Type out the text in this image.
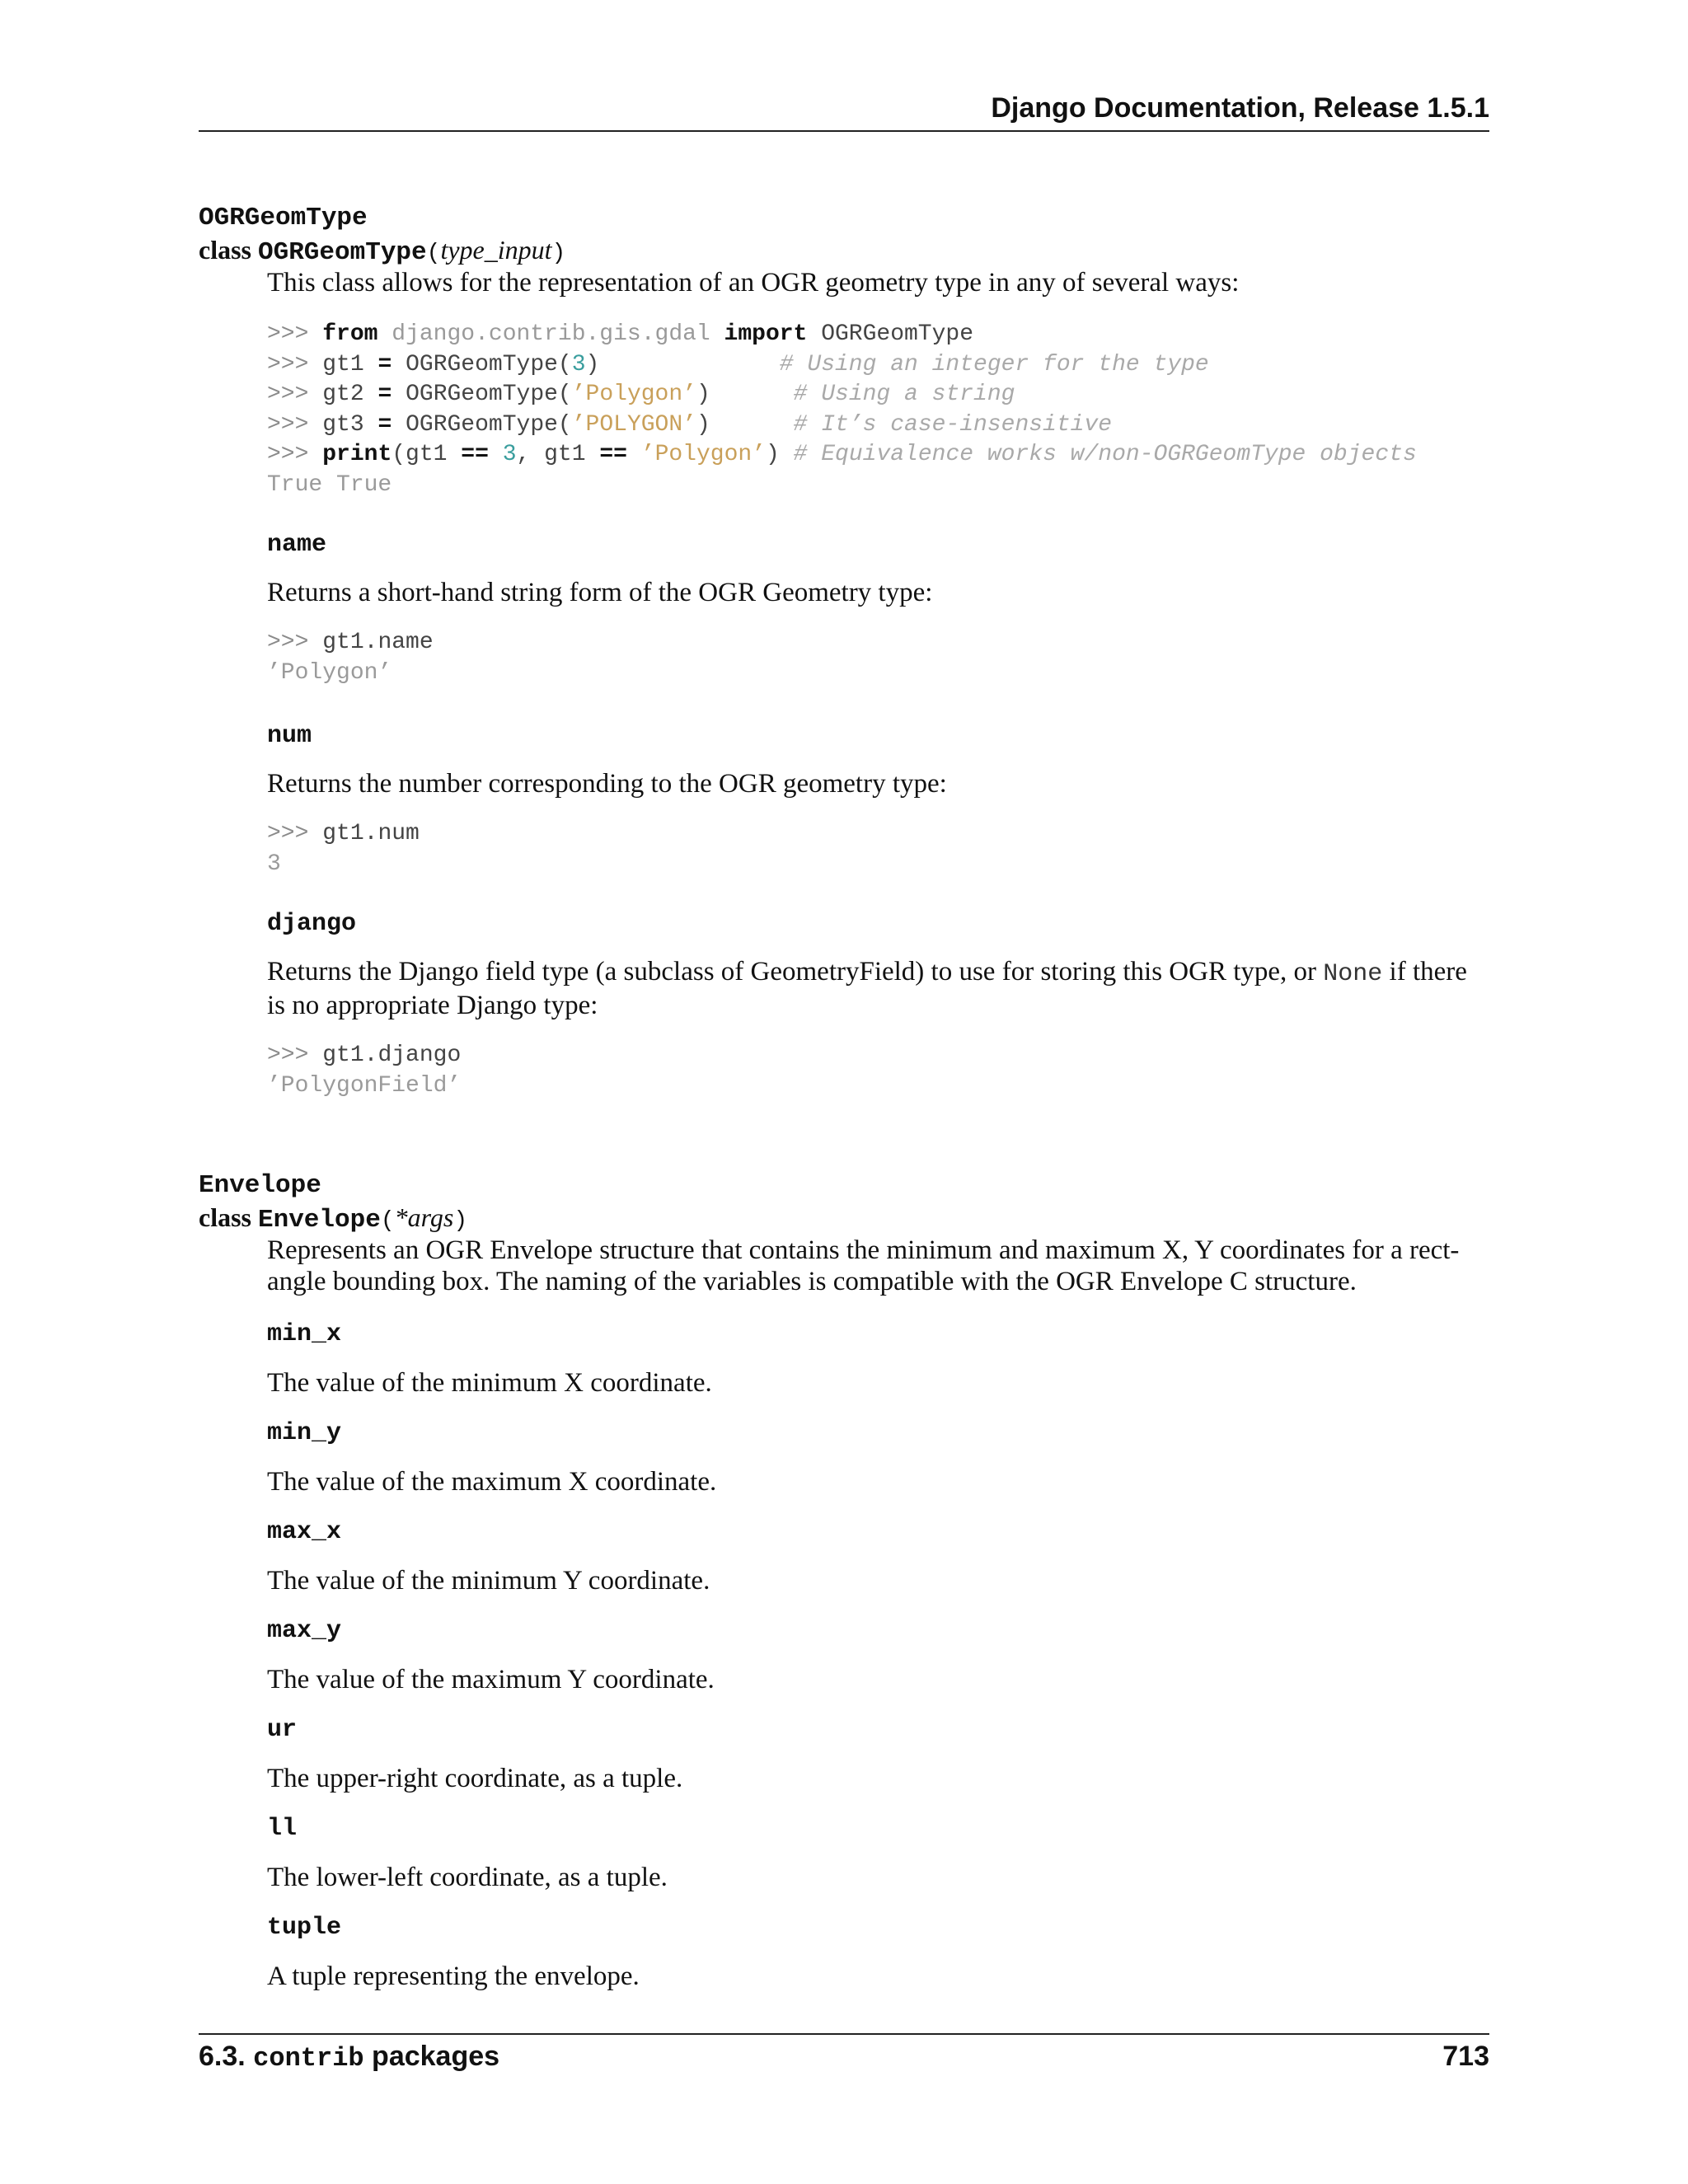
Django Documentation, Release 1.5.1
OGRGeomType
class OGRGeomType(type_input)
This class allows for the representation of an OGR geometry type in any of several ways:
>>> from django.contrib.gis.gdal import OGRGeomType
>>> gt1 = OGRGeomType(3)	# Using an integer for the type
>>> gt2 = OGRGeomType(’Polygon’)	# Using a string
>>> gt3 = OGRGeomType(’POLYGON’)	# It’s case-insensitive
>>> print(gt1 == 3, gt1 == ’Polygon’) # Equivalence works w/non-OGRGeomType objects
True True
name
Returns a short-hand string form of the OGR Geometry type:
>>> gt1.name
’Polygon’
num
Returns the number corresponding to the OGR geometry type:
>>> gt1.num
3
django
Returns the Django field type (a subclass of GeometryField) to use for storing this OGR type, or None if there
is no appropriate Django type:
>>> gt1.django
’PolygonField’
Envelope
class Envelope(*args)
Represents an OGR Envelope structure that contains the minimum and maximum X, Y coordinates for a rect-
angle bounding box. The naming of the variables is compatible with the OGR Envelope C structure.
min_x
The value of the minimum X coordinate.
min_y
The value of the maximum X coordinate.
max_x
The value of the minimum Y coordinate.
max_y
The value of the maximum Y coordinate.
ur
The upper-right coordinate, as a tuple.
ll
The lower-left coordinate, as a tuple.
tuple
A tuple representing the envelope.
6.3. contrib packages	713
